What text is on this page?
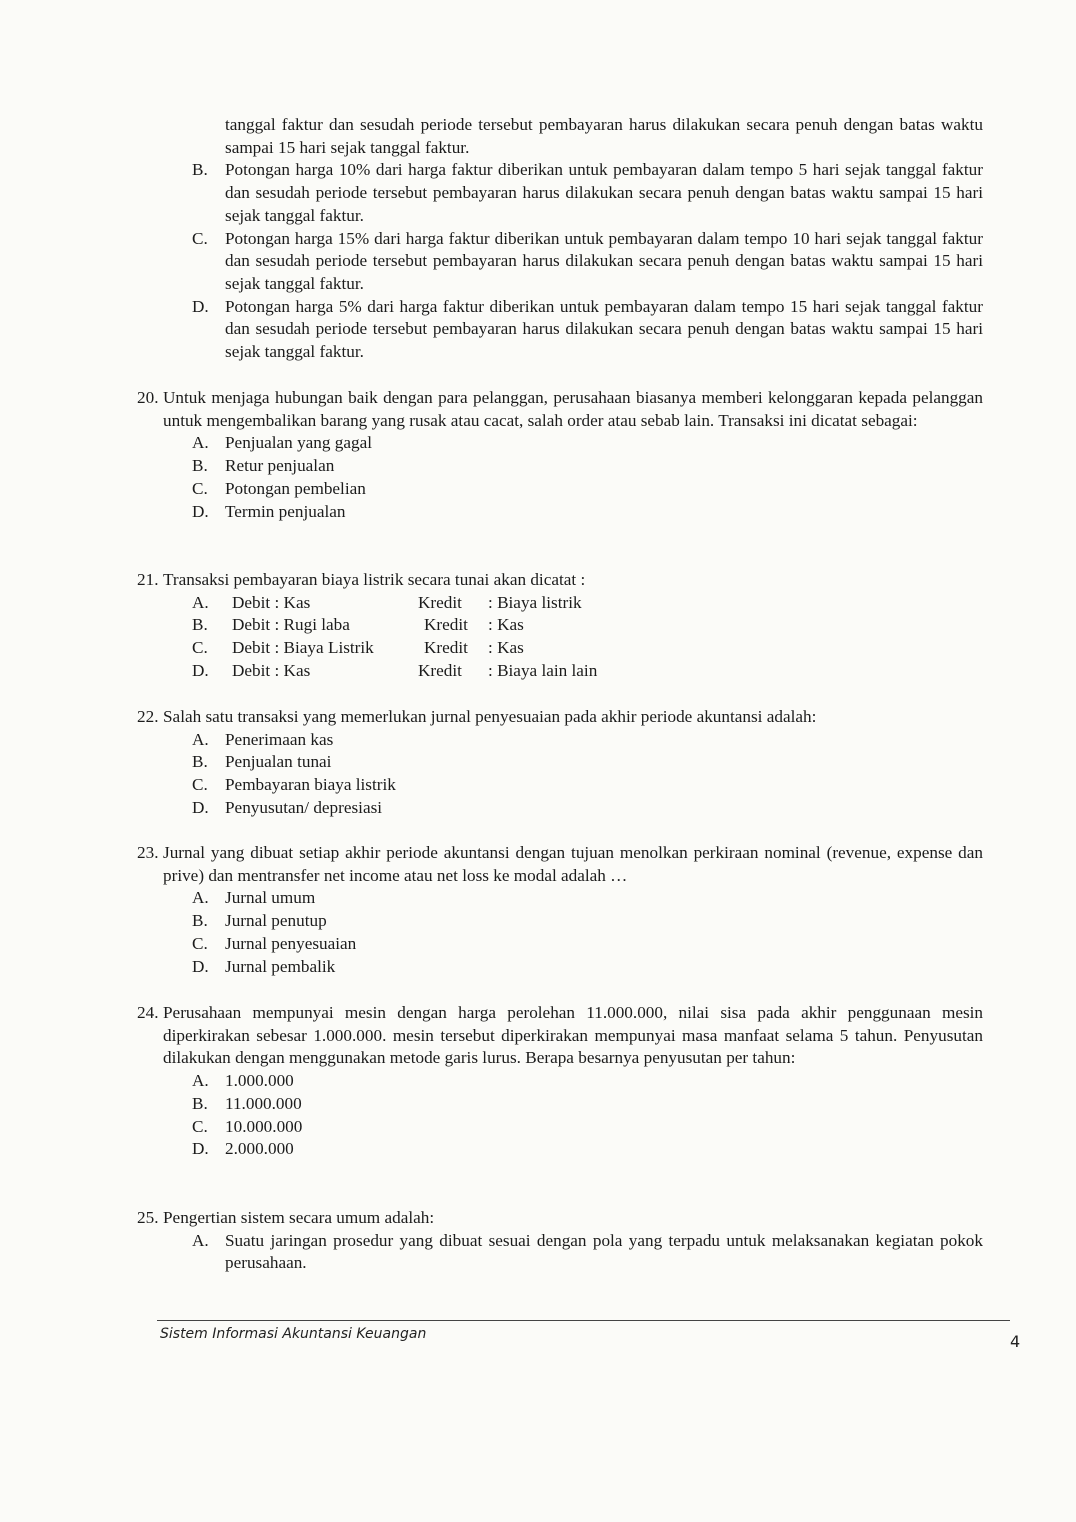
tanggal faktur dan sesudah periode tersebut pembayaran harus dilakukan secara penuh dengan batas waktu sampai 15 hari sejak tanggal faktur.
B.	Potongan harga 10% dari harga faktur diberikan untuk pembayaran dalam tempo 5 hari sejak tanggal faktur dan sesudah periode tersebut pembayaran harus dilakukan secara penuh dengan batas waktu sampai 15 hari sejak tanggal faktur.
C.	Potongan harga 15% dari harga faktur diberikan untuk pembayaran dalam tempo 10 hari sejak tanggal faktur dan sesudah periode tersebut pembayaran harus dilakukan secara penuh dengan batas waktu sampai 15 hari sejak tanggal faktur.
D. Potongan harga 5% dari harga faktur diberikan untuk pembayaran dalam tempo 15 hari sejak tanggal faktur dan sesudah periode tersebut pembayaran harus dilakukan secara penuh dengan batas waktu sampai 15 hari sejak tanggal faktur.
20. Untuk menjaga hubungan baik dengan para pelanggan, perusahaan biasanya memberi kelonggaran kepada pelanggan untuk mengembalikan barang yang rusak atau cacat, salah order atau sebab lain. Transaksi ini dicatat sebagai:
A. Penjualan yang gagal
B.	Retur penjualan
C.	Potongan pembelian
D. Termin penjualan
21. Transaksi pembayaran biaya listrik secara tunai akan dicatat :
A.	Debit : Kas	Kredit	: Biaya listrik
B.	Debit : Rugi laba	Kredit	: Kas
C.	Debit : Biaya Listrik	Kredit	: Kas
D.	Debit : Kas	Kredit	: Biaya lain lain
22. Salah satu transaksi yang memerlukan jurnal penyesuaian pada akhir periode akuntansi adalah:
A. Penerimaan kas
B.	Penjualan tunai
C.	Pembayaran biaya listrik
D. Penyusutan/ depresiasi
23. Jurnal yang dibuat setiap akhir periode akuntansi dengan tujuan menolkan perkiraan nominal (revenue, expense dan prive) dan mentransfer net income atau net loss ke modal adalah …
A. Jurnal umum
B.	Jurnal penutup
C.	Jurnal penyesuaian
D. Jurnal pembalik
24. Perusahaan mempunyai mesin dengan harga perolehan 11.000.000, nilai sisa pada akhir penggunaan mesin diperkirakan sebesar 1.000.000. mesin tersebut diperkirakan mempunyai masa manfaat selama 5 tahun. Penyusutan dilakukan dengan menggunakan metode garis lurus. Berapa besarnya penyusutan per tahun:
A. 1.000.000
B.	11.000.000
C.	10.000.000
D. 2.000.000
25. Pengertian sistem secara umum adalah:
A. Suatu jaringan prosedur yang dibuat sesuai dengan pola yang terpadu untuk melaksanakan kegiatan pokok perusahaan.
Sistem Informasi Akuntansi Keuangan	4
